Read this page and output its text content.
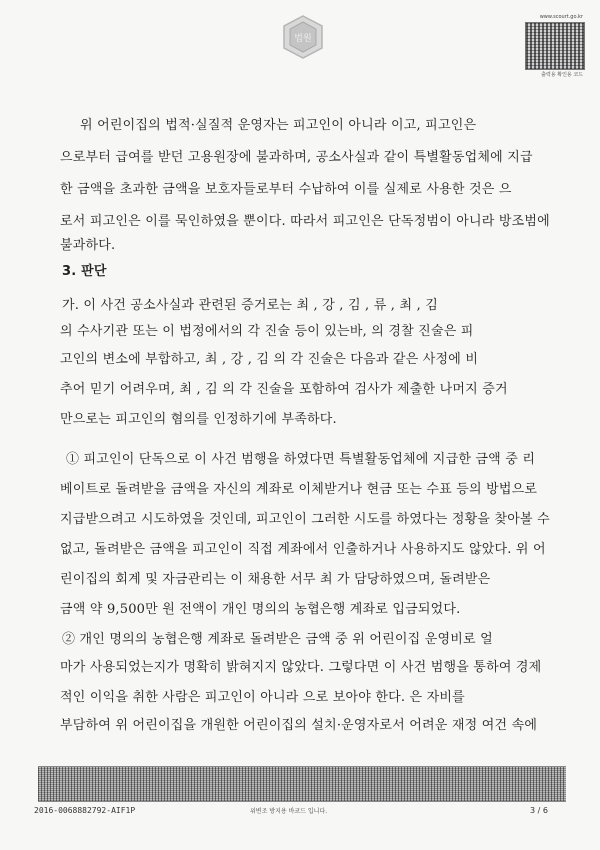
법원
www.scourt.go.kr
출력용 확인용 코드
위 어린이집의 법적·실질적 운영자는 피고인이 아니라 이고, 피고인은
으로부터 급여를 받던 고용원장에 불과하며, 공소사실과 같이 특별활동업체에 지급
한 금액을 초과한 금액을 보호자들로부터 수납하여 이를 실제로 사용한 것은 으
로서 피고인은 이를 묵인하였을 뿐이다. 따라서 피고인은 단독정범이 아니라 방조범에
불과하다.
3. 판단
가. 이 사건 공소사실과 관련된 증거로는 최 , 강 , 김 , 류 , 최 , 김
의 수사기관 또는 이 법정에서의 각 진술 등이 있는바, 의 경찰 진술은 피
고인의 변소에 부합하고, 최 , 강 , 김 의 각 진술은 다음과 같은 사정에 비
추어 믿기 어려우며, 최 , 김 의 각 진술을 포함하여 검사가 제출한 나머지 증거
만으로는 피고인의 혐의를 인정하기에 부족하다.
① 피고인이 단독으로 이 사건 범행을 하였다면 특별활동업체에 지급한 금액 중 리
베이트로 돌려받을 금액을 자신의 계좌로 이체받거나 현금 또는 수표 등의 방법으로
지급받으려고 시도하였을 것인데, 피고인이 그러한 시도를 하였다는 정황을 찾아볼 수
없고, 돌려받은 금액을 피고인이 직접 계좌에서 인출하거나 사용하지도 않았다. 위 어
린이집의 회계 및 자금관리는 이 채용한 서무 최 가 담당하였으며, 돌려받은
금액 약 9,500만 원 전액이 개인 명의의 농협은행 계좌로 입금되었다.
② 개인 명의의 농협은행 계좌로 돌려받은 금액 중 위 어린이집 운영비로 얼
마가 사용되었는지가 명확히 밝혀지지 않았다. 그렇다면 이 사건 범행을 통하여 경제
적인 이익을 취한 사람은 피고인이 아니라 으로 보아야 한다. 은 자비를
부담하여 위 어린이집을 개원한 어린이집의 설치·운영자로서 어려운 재정 여건 속에
2016-0068882792-AIF1P	위변조 방지용 바코드 입니다.	3 / 6
